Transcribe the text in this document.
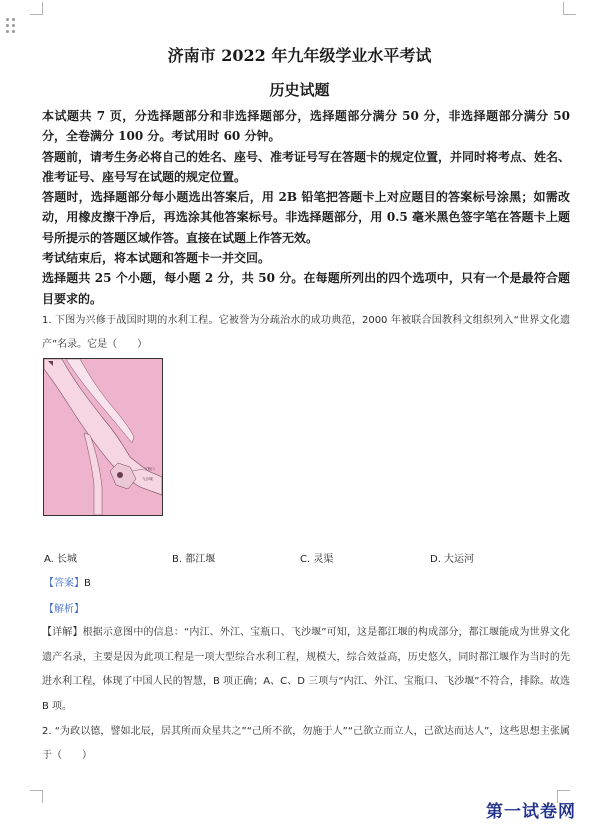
济南市 2022 年九年级学业水平考试
历史试题

本试题共 7 页，分选择题部分和非选择题部分，选择题部分满分 50 分，非选择题部分满分 50 分，全卷满分 100 分。考试用时 60 分钟。

答题前，请考生务必将自己的姓名、座号、准考证号写在答题卡的规定位置，并同时将考点、姓名、准考证号、座号写在试题的规定位置。

答题时，选择题部分每小题选出答案后，用 2B 铅笔把答题卡上对应题目的答案标号涂黑；如需改动，用橡皮擦干净后，再选涂其他答案标号。非选择题部分，用 0.5 毫米黑色签字笔在答题卡上题号所提示的答题区域作答。直接在试题上作答无效。

考试结束后，将本试题和答题卡一并交回。

选择题共 25 个小题，每小题 2 分，共 50 分。在每题所列出的四个选项中，只有一个是最符合题目要求的。

1. 下图为兴修于战国时期的水利工程。它被誉为分疏治水的成功典范，2000 年被联合国教科文组织列入“世界文化遗产”名录。它是（　　）
宝瓶口
飞沙堰
A. 长城	B. 都江堰	C. 灵渠	D. 大运河
【答案】B
【解析】
【详解】根据示意图中的信息：“内江、外江、宝瓶口、飞沙堰”可知，这是都江堰的构成部分，都江堰能成为世界文化遗产名录，主要是因为此项工程是一项大型综合水利工程，规模大，综合效益高，历史悠久，同时都江堰作为当时的先进水利工程，体现了中国人民的智慧，B 项正确；A、C、D 三项与“内江、外江、宝瓶口、飞沙堰”不符合，排除。故选 B 项。
2. “为政以德，譬如北辰，居其所而众星共之”“己所不欲，勿施于人”“己欲立而立人，己欲达而达人”，这些思想主张属于（　　）
第一试卷网
